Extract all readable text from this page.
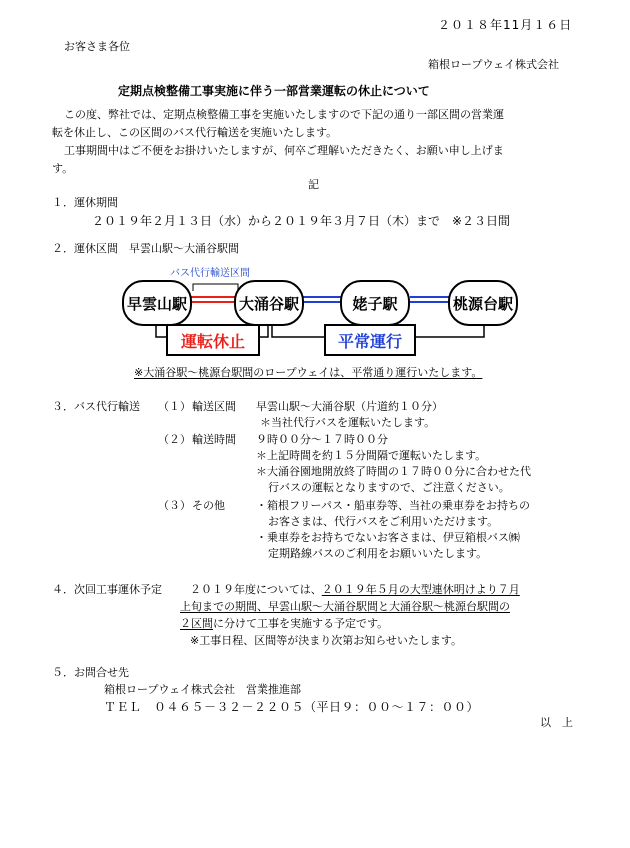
２０１８年11月１６日
お客さま各位
箱根ロープウェイ株式会社
定期点検整備工事実施に伴う一部営業運転の休止について
この度、弊社では、定期点検整備工事を実施いたしますので下記の通り一部区間の営業運
転を休止し、この区間のバス代行輸送を実施いたします。
工事期間中はご不便をお掛けいたしますが、何卒ご理解いただきたく、お願い申し上げま
す。
記
１．運休期間
２０１９年２月１３日（水）から２０１９年３月７日（木）まで　※２３日間
２．運休区間　早雲山駅～大涌谷駅間
バス代行輸送区間
早雲山駅	大涌谷駅	姥子駅	桃源台駅
運転休止	平常運行
※大涌谷駅～桃源台駅間のロープウェイは、平常通り運行いたします。
３．バス代行輸送 （１） 輸送区間 早雲山駅～大涌谷駅（片道約１０分）
＊当社代行バスを運転いたします。
（２） 輸送時間 ９時００分～１７時００分
＊上記時間を約１５分間隔で運転いたします。
＊大涌谷園地開放終了時間の１７時００分に合わせた代
行バスの運転となりますので、ご注意ください。
（３） その他	・箱根フリーパス・船車券等、当社の乗車券をお持ちの
お客さまは、代行バスをご利用いただけます。
・乗車券をお持ちでないお客さまは、伊豆箱根バス㈱
定期路線バスのご利用をお願いいたします。
４．次回工事運休予定	２０１９年度については、２０１９年５月の大型連休明けより７月
上旬までの期間、早雲山駅～大涌谷駅間と大涌谷駅～桃源台駅間の
２区間に分けて工事を実施する予定です。
※工事日程、区間等が決まり次第お知らせいたします。
５．お問合せ先
箱根ロープウェイ株式会社　営業推進部
ＴＥＬ　０４６５－３２－２２０５（平日９：００～１７：００）
以　上
